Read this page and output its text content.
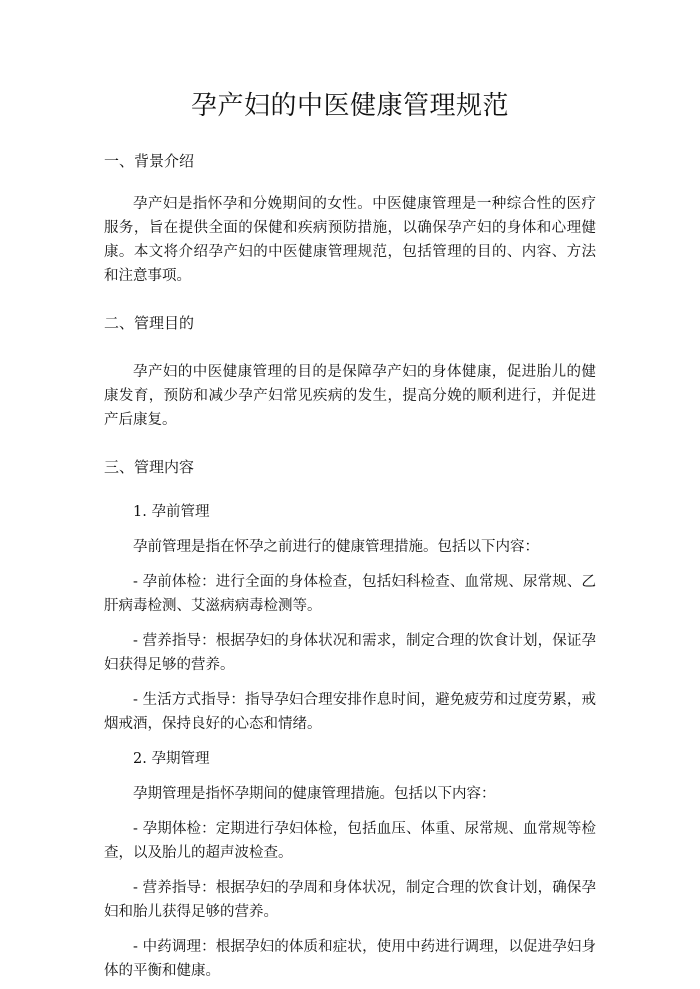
孕产妇的中医健康管理规范
一、背景介绍

孕产妇是指怀孕和分娩期间的女性。中医健康管理是一种综合性的医疗服务，旨在提供全面的保健和疾病预防措施，以确保孕产妇的身体和心理健康。本文将介绍孕产妇的中医健康管理规范，包括管理的目的、内容、方法和注意事项。

二、管理目的

孕产妇的中医健康管理的目的是保障孕产妇的身体健康，促进胎儿的健康发育，预防和减少孕产妇常见疾病的发生，提高分娩的顺利进行，并促进产后康复。

三、管理内容
1. 孕前管理

孕前管理是指在怀孕之前进行的健康管理措施。包括以下内容：

- 孕前体检：进行全面的身体检查，包括妇科检查、血常规、尿常规、乙肝病毒检测、艾滋病病毒检测等。

- 营养指导：根据孕妇的身体状况和需求，制定合理的饮食计划，保证孕妇获得足够的营养。

- 生活方式指导：指导孕妇合理安排作息时间，避免疲劳和过度劳累，戒烟戒酒，保持良好的心态和情绪。

2. 孕期管理

孕期管理是指怀孕期间的健康管理措施。包括以下内容：

- 孕期体检：定期进行孕妇体检，包括血压、体重、尿常规、血常规等检查，以及胎儿的超声波检查。

- 营养指导：根据孕妇的孕周和身体状况，制定合理的饮食计划，确保孕妇和胎儿获得足够的营养。

- 中药调理：根据孕妇的体质和症状，使用中药进行调理，以促进孕妇身体的平衡和健康。
